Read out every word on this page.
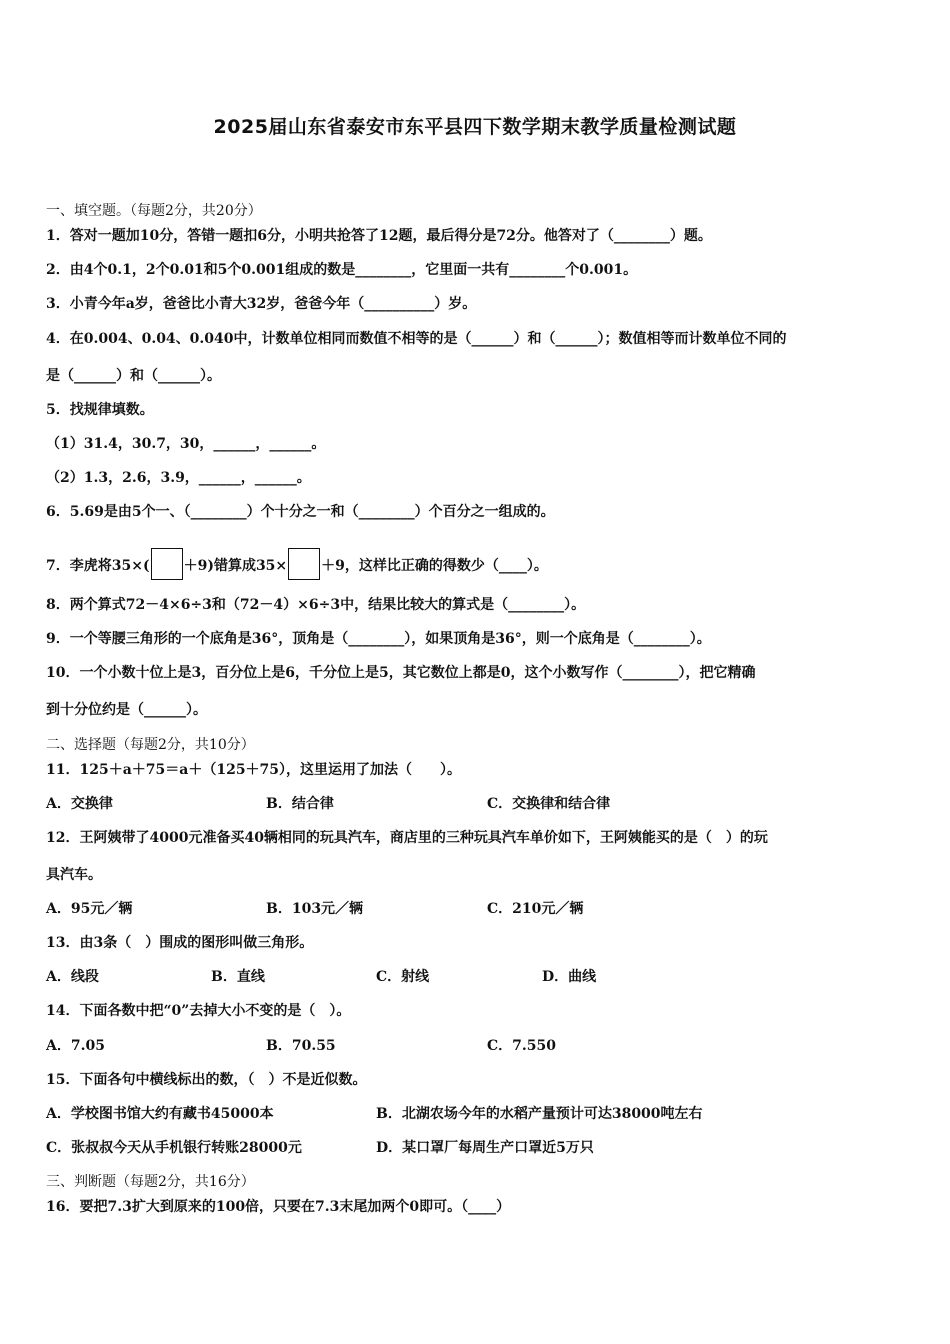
2025届山东省泰安市东平县四下数学期末教学质量检测试题
一、填空题。（每题2分，共20分）
1．答对一题加10分，答错一题扣6分，小明共抢答了12题，最后得分是72分。他答对了（________）题。
2．由4个0.1，2个0.01和5个0.001组成的数是________，它里面一共有________个0.001。
3．小青今年a岁，爸爸比小青大32岁，爸爸今年（__________）岁。
4．在0.004、0.04、0.040中，计数单位相同而数值不相等的是（______）和（______）；数值相等而计数单位不同的
是（______）和（______）。
5．找规律填数。
（1）31.4，30.7，30，______，______。
（2）1.3，2.6，3.9，______，______。
6．5.69是由5个一、（________）个十分之一和（________）个百分之一组成的。
7．李虎将35×( ＋9)错算成35× ＋9，这样比正确的得数少（____）。
8．两个算式72－4×6÷3和（72－4）×6÷3中，结果比较大的算式是（________）。
9．一个等腰三角形的一个底角是36°，顶角是（________），如果顶角是36°，则一个底角是（________）。
10．一个小数十位上是3，百分位上是6，千分位上是5，其它数位上都是0，这个小数写作（________），把它精确
到十分位约是（______）。
二、选择题（每题2分，共10分）
11．125＋a＋75＝a＋（125＋75），这里运用了加法（　　）。
A．交换律	B．结合律	C．交换律和结合律
12．王阿姨带了4000元准备买40辆相同的玩具汽车，商店里的三种玩具汽车单价如下，王阿姨能买的是（　）的玩
具汽车。
A．95元／辆	B．103元／辆	C．210元／辆
13．由3条（　）围成的图形叫做三角形。
A．线段	B．直线	C．射线	D．曲线
14．下面各数中把“0”去掉大小不变的是（　）。
A．7.05	B．70.55	C．7.550
15．下面各句中横线标出的数，（　）不是近似数。
A．学校图书馆大约有藏书45000本	B．北湖农场今年的水稻产量预计可达38000吨左右
C．张叔叔今天从手机银行转账28000元	D．某口罩厂每周生产口罩近5万只
三、判断题（每题2分，共16分）
16．要把7.3扩大到原来的100倍，只要在7.3末尾加两个0即可。（____）
